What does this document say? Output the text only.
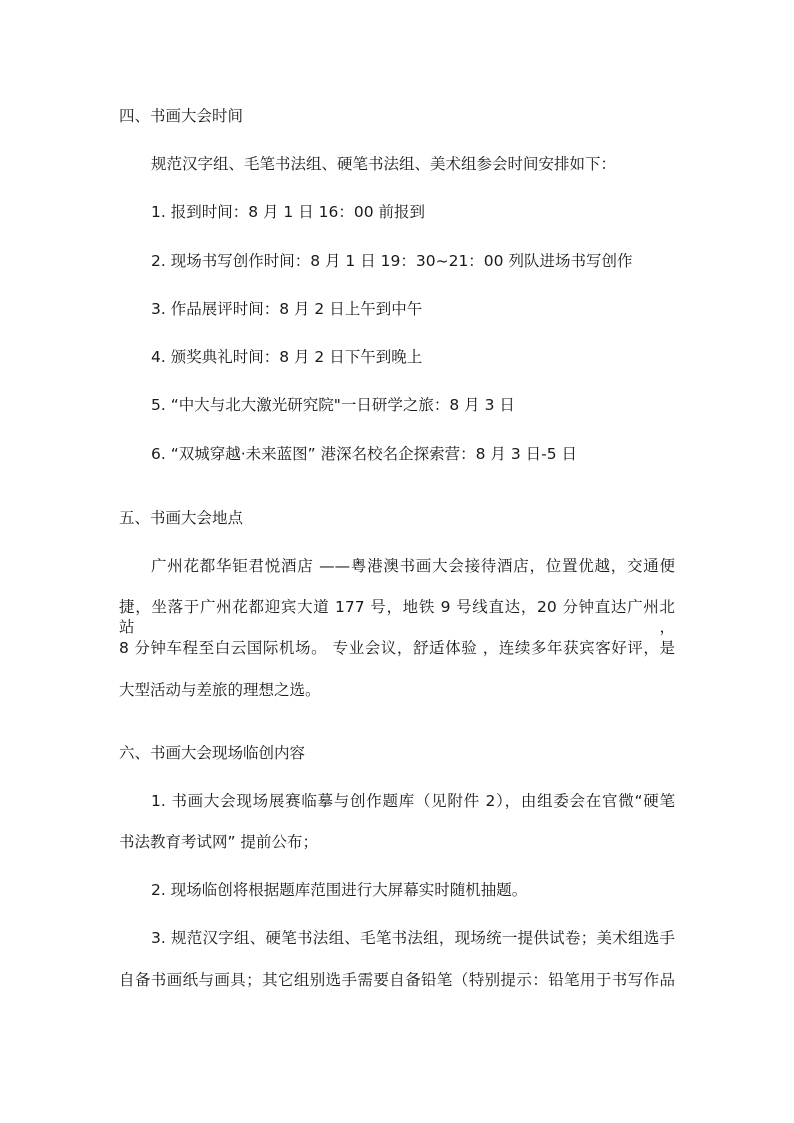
四、书画大会时间
规范汉字组、毛笔书法组、硬笔书法组、美术组参会时间安排如下：
1. 报到时间：8 月 1 日 16：00 前报到
2. 现场书写创作时间：8 月 1 日 19：30~21：00 列队进场书写创作
3. 作品展评时间：8 月 2 日上午到中午
4. 颁奖典礼时间：8 月 2 日下午到晚上
5. “中大与北大激光研究院"一日研学之旅：8 月 3 日
6. “双城穿越·未来蓝图” 港深名校名企探索营：8 月 3 日-5 日
五、书画大会地点
广州花都华钜君悦酒店 ——粤港澳书画大会接待酒店，位置优越，交通便
捷，坐落于广州花都迎宾大道 177 号，地铁 9 号线直达，20 分钟直达广州北站，
8 分钟车程至白云国际机场。 专业会议，舒适体验 ，连续多年获宾客好评，是
大型活动与差旅的理想之选。
六、书画大会现场临创内容
1. 书画大会现场展赛临摹与创作题库（见附件 2），由组委会在官微“硬笔
书法教育考试网” 提前公布；
2. 现场临创将根据题库范围进行大屏幕实时随机抽题。
3. 规范汉字组、硬笔书法组、毛笔书法组，现场统一提供试卷；美术组选手
自备书画纸与画具；其它组别选手需要自备铅笔（特别提示：铅笔用于书写作品
